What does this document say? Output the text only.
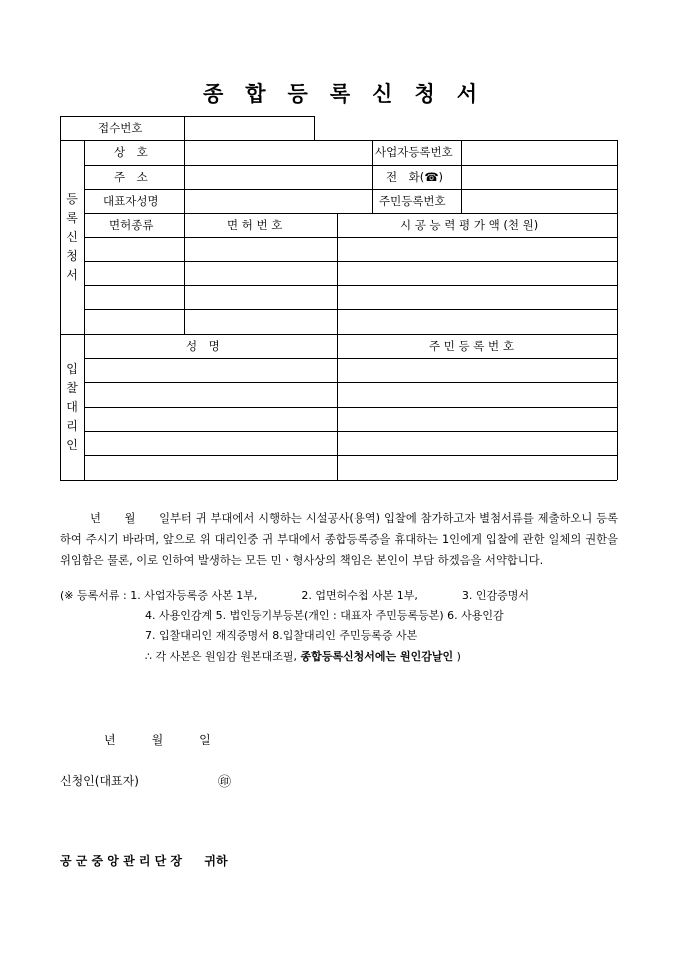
종 합 등 록 신 청 서
접수번호
등
록
신
청
서
상　호	사업자등록번호
주　소	전　화(☎)
대표자성명	주민등록번호
면허종류	면 허 번 호	시 공 능 력 평 가 액 (천 원)
입
찰
대
리
인
성　명	주 민 등 록 번 호
년　　월　　일부터 귀 부대에서 시행하는 시설공사(용역) 입찰에 참가하고자 별첨서류를 제출하오니 등록하여 주시기 바라며, 앞으로 위 대리인중 귀 부대에서 종합등록증을 휴대하는 1인에게 입찰에 관한 일체의 권한을 위임함은 물론, 이로 인하여 발생하는 모든 민ㆍ형사상의 책임은 본인이 부담 하겠음을 서약합니다.
(※ 등록서류 : 1. 사업자등록증 사본 1부,	2. 업면허수첩 사본 1부,	3. 인감증명서
4. 사용인감계 5. 법인등기부등본(개인 : 대표자 주민등록등본) 6. 사용인감
7. 입찰대리인 재직증명서 8.입찰대리인 주민등록증 사본
∴ 각 사본은 원임감 원본대조필, 종합등록신청서에는 원인감날인 )
년　　　월　　　일
신청인(대표자)	㊞
공 군 중 앙 관 리 단 장 귀하
